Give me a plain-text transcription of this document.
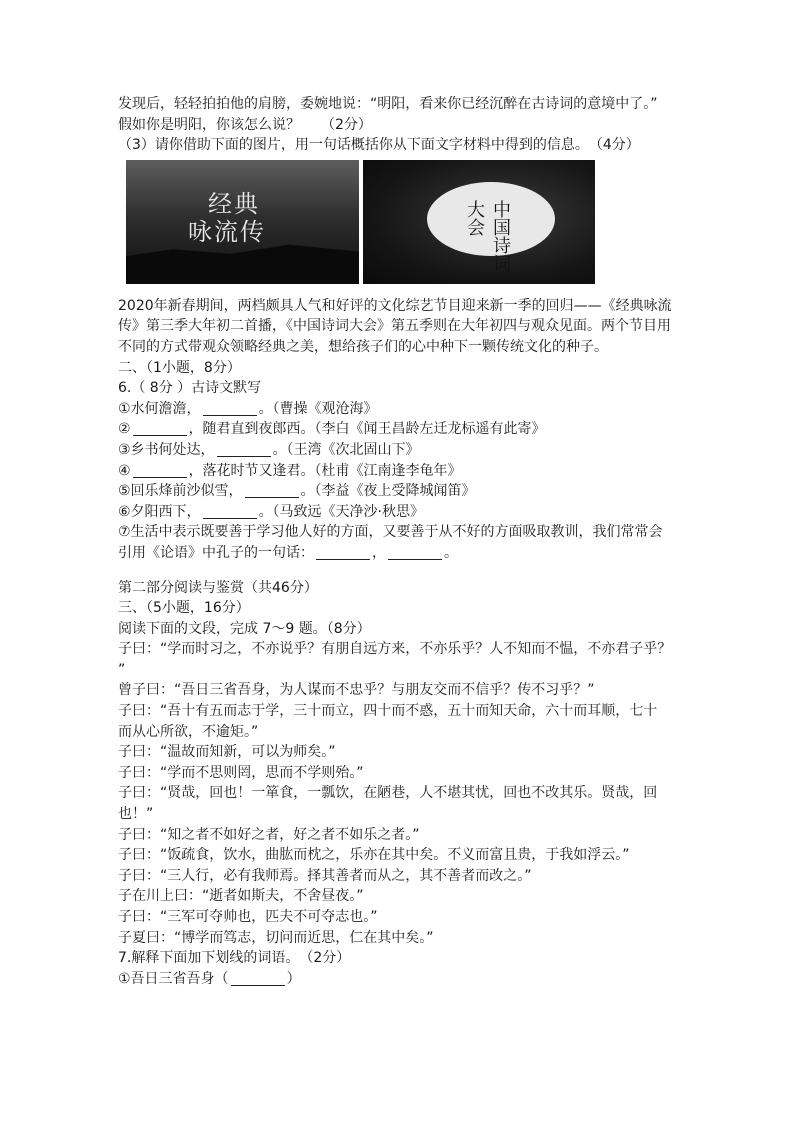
发现后，轻轻拍拍他的肩膀，委婉地说：“明阳，看来你已经沉醉在古诗词的意境中了。”

假如你是明阳，你该怎么说？　　（2分）

（3）请你借助下面的图片，用一句话概括你从下面文字材料中得到的信息。　（4分）

经典
咏流传	中国诗词大会

2020年新春期间，两档颇具人气和好评的文化综艺节目迎来新一季的回归——《经典咏流

传》第三季大年初二首播，《中国诗词大会》第五季则在大年初四与观众见面。两个节目用

不同的方式带观众领略经典之美，想给孩子们的心中种下一颗传统文化的种子。

二、（1小题，8分）

6.（ 8分 ）古诗文默写

①水何澹澹，	。（曹操《观沧海》

②	，随君直到夜郎西。（李白《闻王昌龄左迁龙标遥有此寄》

③乡书何处达，	。（王湾《次北固山下》

④	，落花时节又逢君。（杜甫《江南逢李龟年》

⑤回乐烽前沙似雪，	。（李益《夜上受降城闻笛》

⑥夕阳西下，	。（马致远《天净沙·秋思》

⑦生活中表示既要善于学习他人好的方面，又要善于从不好的方面吸取教训，我们常常会

引用《论语》中孔子的一句话：	，	。

第二部分阅读与鉴赏（共46分）

三、（5小题，16分）

阅读下面的文段，完成 7～9 题。（8分）

子曰：“学而时习之，不亦说乎？有朋自远方来，不亦乐乎？人不知而不愠，不亦君子乎？

”

曾子曰：“吾日三省吾身，为人谋而不忠乎？与朋友交而不信乎？传不习乎？”

子曰：“吾十有五而志于学，三十而立，四十而不惑，五十而知天命，六十而耳顺，七十

而从心所欲，不逾矩。”

子曰：“温故而知新，可以为师矣。”

子曰：“学而不思则罔，思而不学则殆。”

子曰：“贤哉，回也！一箪食，一瓢饮，在陋巷，人不堪其忧，回也不改其乐。贤哉，回

也！”

子曰：“知之者不如好之者，好之者不如乐之者。”

子曰：“饭疏食，饮水，曲肱而枕之，乐亦在其中矣。不义而富且贵，于我如浮云。”

子曰：“三人行，必有我师焉。择其善者而从之，其不善者而改之。”

子在川上曰：“逝者如斯夫，不舍昼夜。”

子曰：“三军可夺帅也，匹夫不可夺志也。”

子夏曰：“博学而笃志，切问而近思，仁在其中矣。”

7.解释下面加下划线的词语。　（2分）

①吾日三省吾身（	）
